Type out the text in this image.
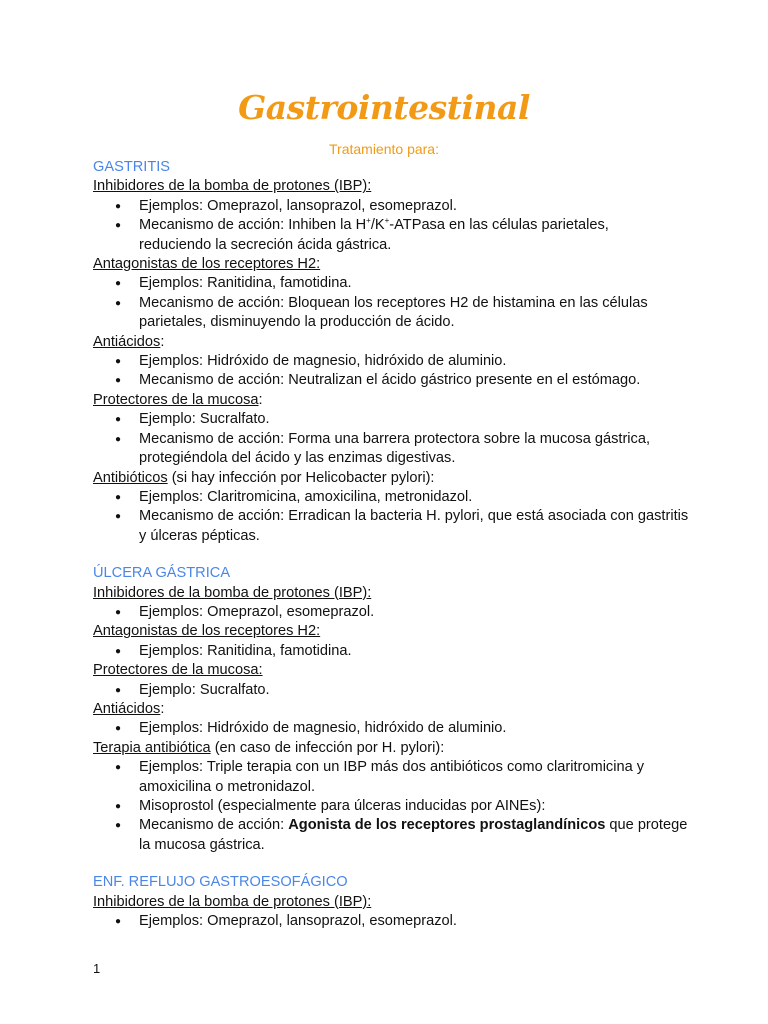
Gastrointestinal
Tratamiento para:

GASTRITIS

Inhibidores de la bomba de protones (IBP):

● Ejemplos: Omeprazol, lansoprazol, esomeprazol.
● Mecanismo de acción: Inhiben la H+/K+-ATPasa en las células parietales,
reduciendo la secreción ácida gástrica.

Antagonistas de los receptores H2:

● Ejemplos: Ranitidina, famotidina.
● Mecanismo de acción: Bloquean los receptores H2 de histamina en las células parietales, disminuyendo la producción de ácido.

Antiácidos:

● Ejemplos: Hidróxido de magnesio, hidróxido de aluminio.
● Mecanismo de acción: Neutralizan el ácido gástrico presente en el estómago.

Protectores de la mucosa:

● Ejemplo: Sucralfato.
● Mecanismo de acción: Forma una barrera protectora sobre la mucosa gástrica, protegiéndola del ácido y las enzimas digestivas.

Antibióticos (si hay infección por Helicobacter pylori):

● Ejemplos: Claritromicina, amoxicilina, metronidazol.
● Mecanismo de acción: Erradican la bacteria H. pylori, que está asociada con gastritis y úlceras pépticas.

ÚLCERA GÁSTRICA

Inhibidores de la bomba de protones (IBP):

● Ejemplos: Omeprazol, esomeprazol.

Antagonistas de los receptores H2:

● Ejemplos: Ranitidina, famotidina.

Protectores de la mucosa:

● Ejemplo: Sucralfato.

Antiácidos:

● Ejemplos: Hidróxido de magnesio, hidróxido de aluminio.

Terapia antibiótica (en caso de infección por H. pylori):

● Ejemplos: Triple terapia con un IBP más dos antibióticos como claritromicina y amoxicilina o metronidazol.
● Misoprostol (especialmente para úlceras inducidas por AINEs):
● Mecanismo de acción: Agonista de los receptores prostaglandínicos que protege la mucosa gástrica.

ENF. REFLUJO GASTROESOFÁGICO

Inhibidores de la bomba de protones (IBP):

● Ejemplos: Omeprazol, lansoprazol, esomeprazol.
1
